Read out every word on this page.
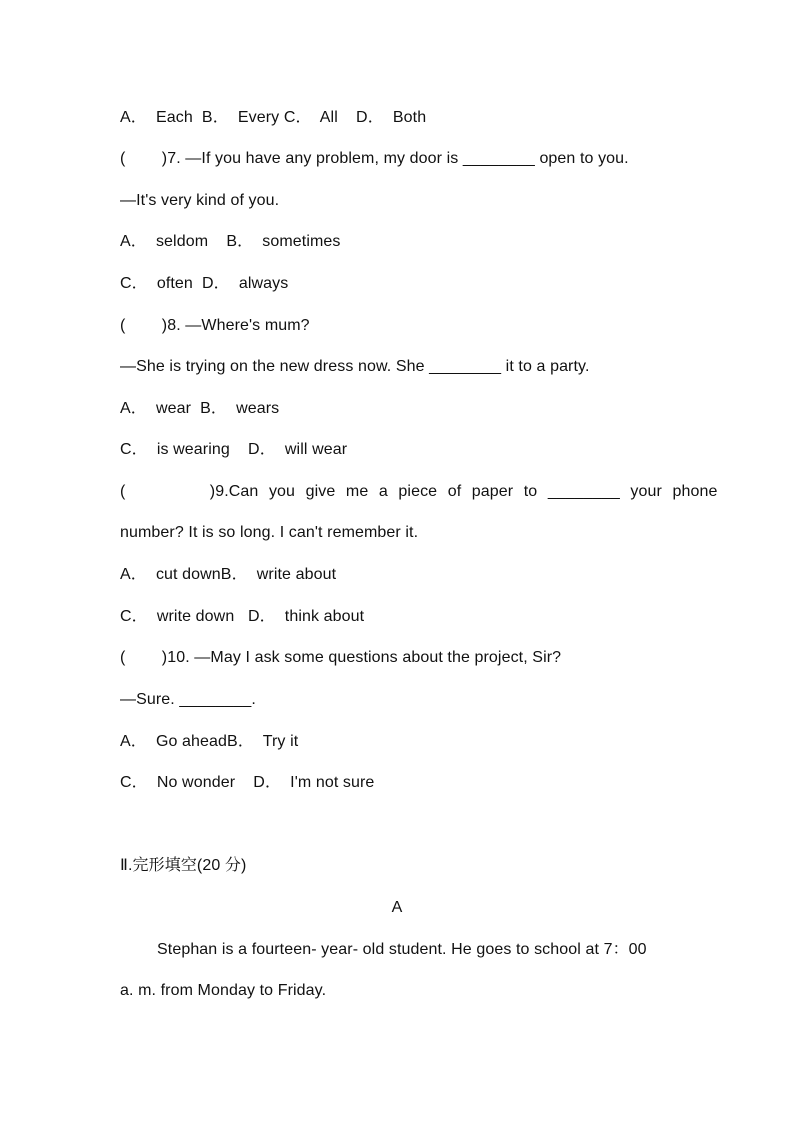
A．  Each  B．  Every C．  All    D．  Both
(        )7. —If you have any problem, my door is ________ open to you.
—It's very kind of you.
A．  seldom    B．  sometimes
C．  often  D．  always
(        )8. —Where's mum?
—She is trying on the new dress now. She ________ it to a party.
A．  wear  B．  wears
C．  is wearing    D．  will wear
(        )9.Can you give me a piece of paper to ________ your phone
number? It is so long. I can't remember it.
A．  cut downB．  write about
C．  write down   D．  think about
(        )10. —May I ask some questions about the project, Sir?
—Sure. ________.
A．  Go aheadB．  Try it
C．  No wonder    D．  I'm not sure
Ⅱ.完形填空(20 分)
A
Stephan is a fourteen- year- old student. He goes to school at 7：00
a. m. from Monday to Friday.
